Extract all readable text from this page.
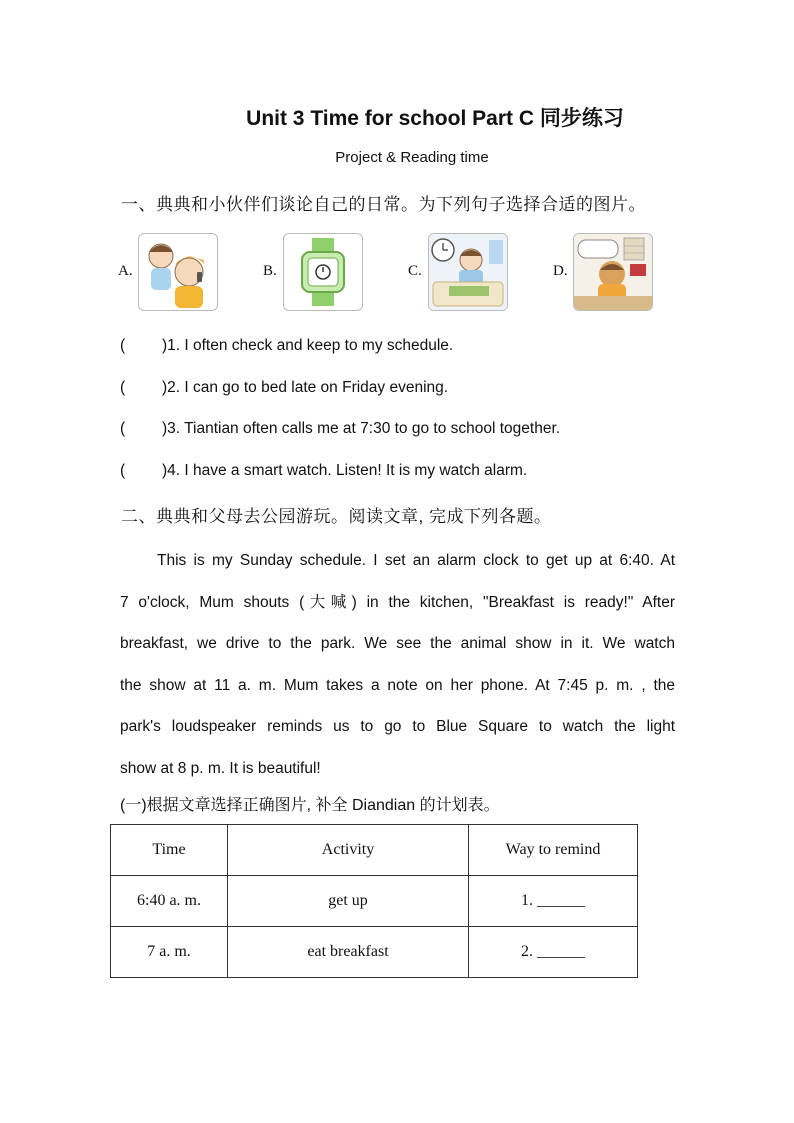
Unit 3 Time for school Part C 同步练习
Project & Reading time
一、典典和小伙伴们谈论自己的日常。为下列句子选择合适的图片。
A.	B.	C.	D.
( )1. I often check and keep to my schedule.
( )2. I can go to bed late on Friday evening.
( )3. Tiantian often calls me at 7:30 to go to school together.
( )4. I have a smart watch. Listen! It is my watch alarm.
二、典典和父母去公园游玩。阅读文章, 完成下列各题。
This is my Sunday schedule. I set an alarm clock to get up at 6:40. At
7 o'clock, Mum shouts (大喊) in the kitchen, "Breakfast is ready!" After
breakfast, we drive to the park. We see the animal show in it. We watch
the show at 11 a. m. Mum takes a note on her phone. At 7:45 p. m. , the
park's loudspeaker reminds us to go to Blue Square to watch the light
show at 8 p. m. It is beautiful!
(一)根据文章选择正确图片, 补全 Diandian 的计划表。
Time	Activity	Way to remind
6:40 a. m.	get up	1. ______
7 a. m.	eat breakfast	2. ______
